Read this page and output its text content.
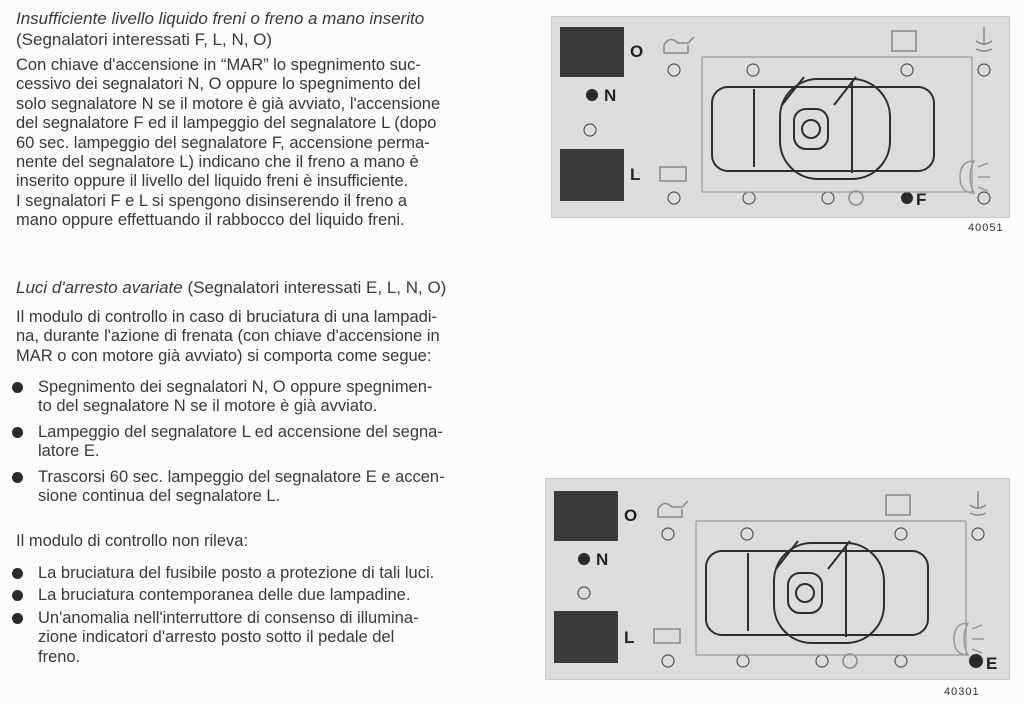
Insufficiente livello liquido freni o freno a mano inserito
(Segnalatori interessati F, L, N, O)
Con chiave d'accensione in “MAR” lo spegnimento suc-
cessivo dei segnalatori N, O oppure lo spegnimento del
solo segnalatore N se il motore è già avviato, l'accensione
del segnalatore F ed il lampeggio del segnalatore L (dopo
60 sec. lampeggio del segnalatore F, accensione perma-
nente del segnalatore L) indicano che il freno a mano è
inserito oppure il livello del liquido freni è insufficiente.
I segnalatori F e L si spengono disinserendo il freno a
mano oppure effettuando il rabbocco del liquido freni.
Luci d'arresto avariate (Segnalatori interessati E, L, N, O)
Il modulo di controllo in caso di bruciatura di una lampadi-
na, durante l'azione di frenata (con chiave d'accensione in
MAR o con motore già avviato) si comporta come segue:
Spegnimento dei segnalatori N, O oppure spegnimen-
to del segnalatore N se il motore è già avviato.
Lampeggio del segnalatore L ed accensione del segna-
latore E.
Trascorsi 60 sec. lampeggio del segnalatore E e accen-
sione continua del segnalatore L.
Il modulo di controllo non rileva:
La bruciatura del fusibile posto a protezione di tali luci.
La bruciatura contemporanea delle due lampadine.
Un'anomalia nell'interruttore di consenso di illumina-
zione indicatori d'arresto posto sotto il pedale del
freno.
O
N
L
F
40051
O
N
L
E
40301
